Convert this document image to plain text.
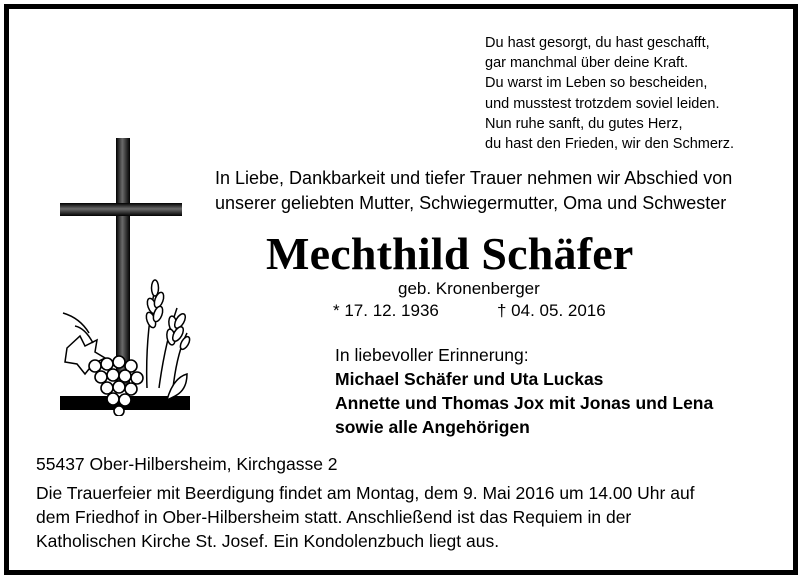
Du hast gesorgt, du hast geschafft,
gar manchmal über deine Kraft.
Du warst im Leben so bescheiden,
und musstest trotzdem soviel leiden.
Nun ruhe sanft, du gutes Herz,
du hast den Frieden, wir den Schmerz.
In Liebe, Dankbarkeit und tiefer Trauer nehmen wir Abschied von
unserer geliebten Mutter, Schwiegermutter, Oma und Schwester
Mechthild Schäfer
geb. Kronenberger
* 17. 12. 1936	† 04. 05. 2016
In liebevoller Erinnerung:
Michael Schäfer und Uta Luckas
Annette und Thomas Jox mit Jonas und Lena
sowie alle Angehörigen
55437 Ober-Hilbersheim, Kirchgasse 2
Die Trauerfeier mit Beerdigung findet am Montag, dem 9. Mai 2016 um 14.00 Uhr auf
dem Friedhof in Ober-Hilbersheim statt. Anschließend ist das Requiem in der
Katholischen Kirche St. Josef. Ein Kondolenzbuch liegt aus.
